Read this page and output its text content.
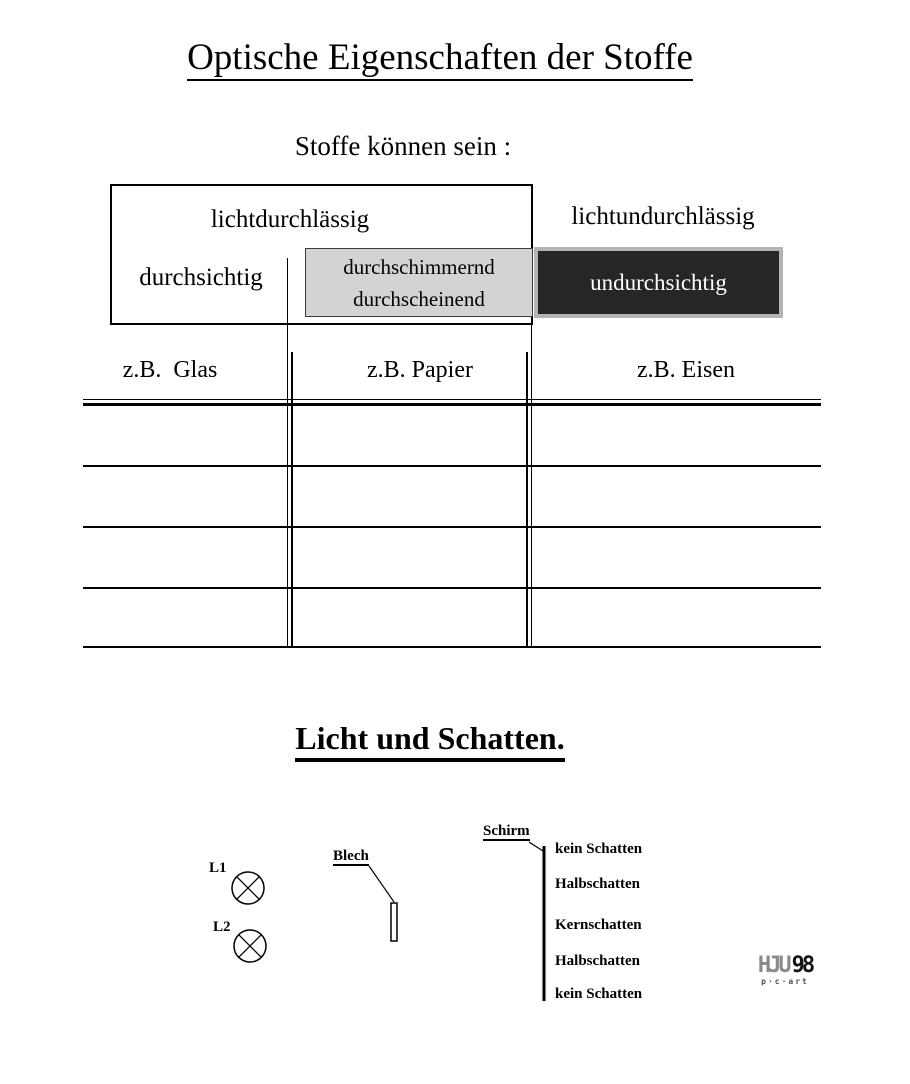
Optische Eigenschaften der Stoffe
Stoffe können sein :
lichtdurchlässig
durchsichtig
lichtundurchlässig
durchschimmernd
durchscheinend
undurchsichtig
z.B.  Glas	z.B. Papier	z.B. Eisen
Licht und Schatten.
L1
L2
Blech
Schirm
kein Schatten
Halbschatten
Kernschatten
Halbschatten
kein Schatten
HJU 98
p·c·art
